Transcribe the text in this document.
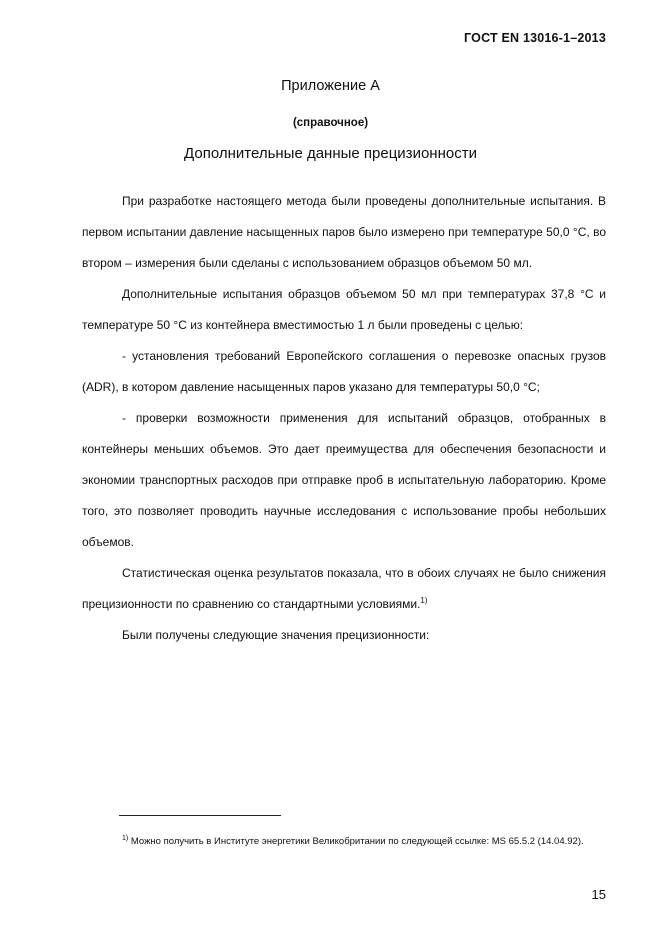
ГОСТ EN 13016-1–2013
Приложение А
(справочное)
Дополнительные данные прецизионности

При разработке настоящего метода были проведены дополнительные испытания. В первом испытании давление насыщенных паров было измерено при температуре 50,0 °С, во втором – измерения были сделаны с использованием образцов объемом 50 мл.

Дополнительные испытания образцов объемом 50 мл при температурах 37,8 °С и температуре 50 °С из контейнера вместимостью 1 л были проведены с целью:

- установления требований Европейского соглашения о перевозке опасных грузов (ADR), в котором давление насыщенных паров указано для температуры 50,0 °С;

- проверки возможности применения для испытаний образцов, отобранных в контейнеры меньших объемов. Это дает преимущества для обеспечения безопасности и экономии транспортных расходов при отправке проб в испытательную лабораторию. Кроме того, это позволяет проводить научные исследования с использование пробы небольших объемов.

Статистическая оценка результатов показала, что в обоих случаях не было снижения прецизионности по сравнению со стандартными условиями.$^{1)}$

Были получены следующие значения прецизионности:

$^{1)}$ Можно получить в Институте энергетики Великобритании по следующей ссылке: MS 65.5.2 (14.04.92).
15
